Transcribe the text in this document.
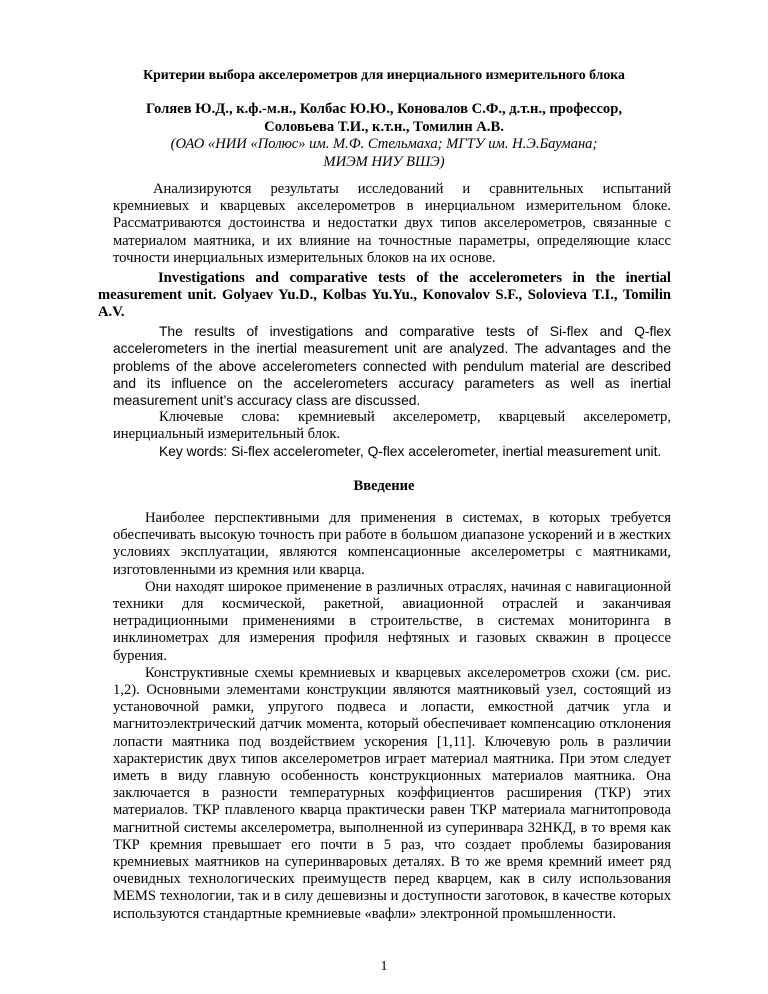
Критерии выбора акселерометров для инерциального измерительного блока
Голяев Ю.Д., к.ф.-м.н., Колбас Ю.Ю., Коновалов С.Ф., д.т.н., профессор,
Соловьева Т.И., к.т.н., Томилин А.В.
(ОАО «НИИ «Полюс» им. М.Ф. Стельмаха; МГТУ им. Н.Э.Баумана;
МИЭМ НИУ ВШЭ)

Анализируются результаты исследований и сравнительных испытаний кремниевых и кварцевых акселерометров в инерциальном измерительном блоке. Рассматриваются достоинства и недостатки двух типов акселерометров, связанные с материалом маятника, и их влияние на точностные параметры, определяющие класс точности инерциальных измерительных блоков на их основе.

Investigations and comparative tests of the accelerometers in the inertial measurement unit. Golyaev Yu.D., Kolbas Yu.Yu., Konovalov S.F., Solovieva T.I., Tomilin A.V.

The results of investigations and comparative tests of Si-flex and Q-flex accelerometers in the inertial measurement unit are analyzed. The advantages and the problems of the above accelerometers connected with pendulum material are described and its influence on the accelerometers accuracy parameters as well as inertial measurement unit’s accuracy class are discussed.

Ключевые слова: кремниевый акселерометр, кварцевый акселерометр, инерциальный измерительный блок.

Key words: Si-flex accelerometer, Q-flex accelerometer, inertial measurement unit.

Введение

Наиболее перспективными для применения в системах, в которых требуется обеспечивать высокую точность при работе в большом диапазоне ускорений и в жестких условиях эксплуатации, являются компенсационные акселерометры с маятниками, изготовленными из кремния или кварца.

Они находят широкое применение в различных отраслях, начиная с навигационной техники для космической, ракетной, авиационной отраслей и заканчивая нетрадиционными применениями в строительстве, в системах мониторинга в инклинометрах для измерения профиля нефтяных и газовых скважин в процессе бурения.

Конструктивные схемы кремниевых и кварцевых акселерометров схожи (см. рис. 1,2). Основными элементами конструкции являются маятниковый узел, состоящий из установочной рамки, упругого подвеса и лопасти, емкостной датчик угла и магнитоэлектрический датчик момента, который обеспечивает компенсацию отклонения лопасти маятника под воздействием ускорения [1,11]. Ключевую роль в различии характеристик двух типов акселерометров играет материал маятника. При этом следует иметь в виду главную особенность конструкционных материалов маятника. Она заключается в разности температурных коэффициентов расширения (ТКР) этих материалов. ТКР плавленого кварца практически равен ТКР материала магнитопровода магнитной системы акселерометра, выполненной из суперинвара 32НКД, в то время как ТКР кремния превышает его почти в 5 раз, что создает проблемы базирования кремниевых маятников на суперинваровых деталях. В то же время кремний имеет ряд очевидных технологических преимуществ перед кварцем, как в силу использования MEMS технологии, так и в силу дешевизны и доступности заготовок, в качестве которых используются стандартные кремниевые «вафли» электронной промышленности.

1
